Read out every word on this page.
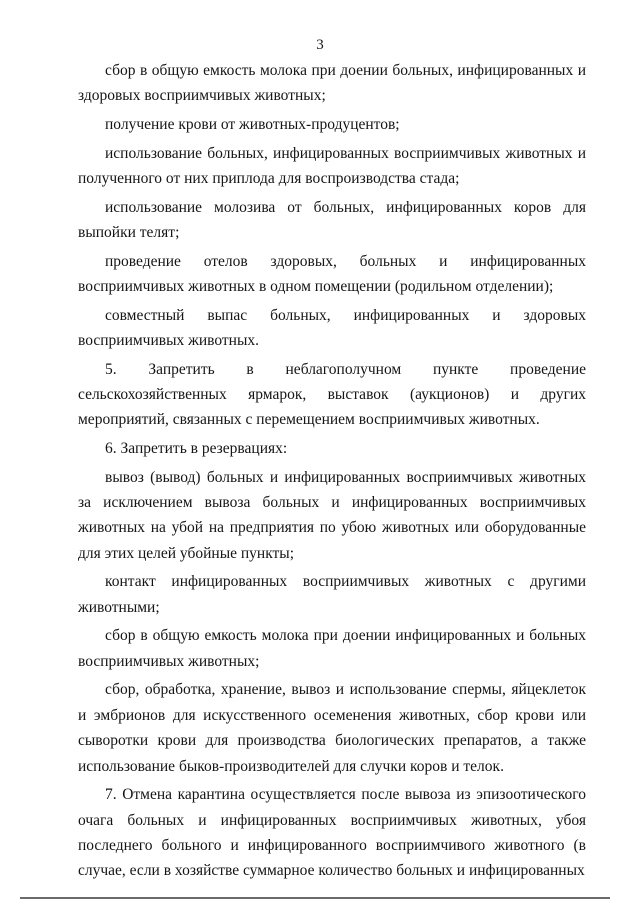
3

сбор в общую емкость молока при доении больных, инфицированных и здоровых восприимчивых животных;

получение крови от животных-продуцентов;

использование больных, инфицированных восприимчивых животных и полученного от них приплода для воспроизводства стада;

использование молозива от больных, инфицированных коров для выпойки телят;

проведение отелов здоровых, больных и инфицированных восприимчивых животных в одном помещении (родильном отделении);

совместный выпас больных, инфицированных и здоровых восприимчивых животных.

5. Запретить в неблагополучном пункте проведение сельскохозяйственных ярмарок, выставок (аукционов) и других мероприятий, связанных с перемещением восприимчивых животных.

6. Запретить в резервациях:

вывоз (вывод) больных и инфицированных восприимчивых животных за исключением вывоза больных и инфицированных восприимчивых животных на убой на предприятия по убою животных или оборудованные для этих целей убойные пункты;

контакт инфицированных восприимчивых животных с другими животными;

сбор в общую емкость молока при доении инфицированных и больных восприимчивых животных;

сбор, обработка, хранение, вывоз и использование спермы, яйцеклеток и эмбрионов для искусственного осеменения животных, сбор крови или сыворотки крови для производства биологических препаратов, а также использование быков-производителей для случки коров и телок.

7. Отмена карантина осуществляется после вывоза из эпизоотического очага больных и инфицированных восприимчивых животных, убоя последнего больного и инфицированного восприимчивого животного (в случае, если в хозяйстве суммарное количество больных и инфицированных
